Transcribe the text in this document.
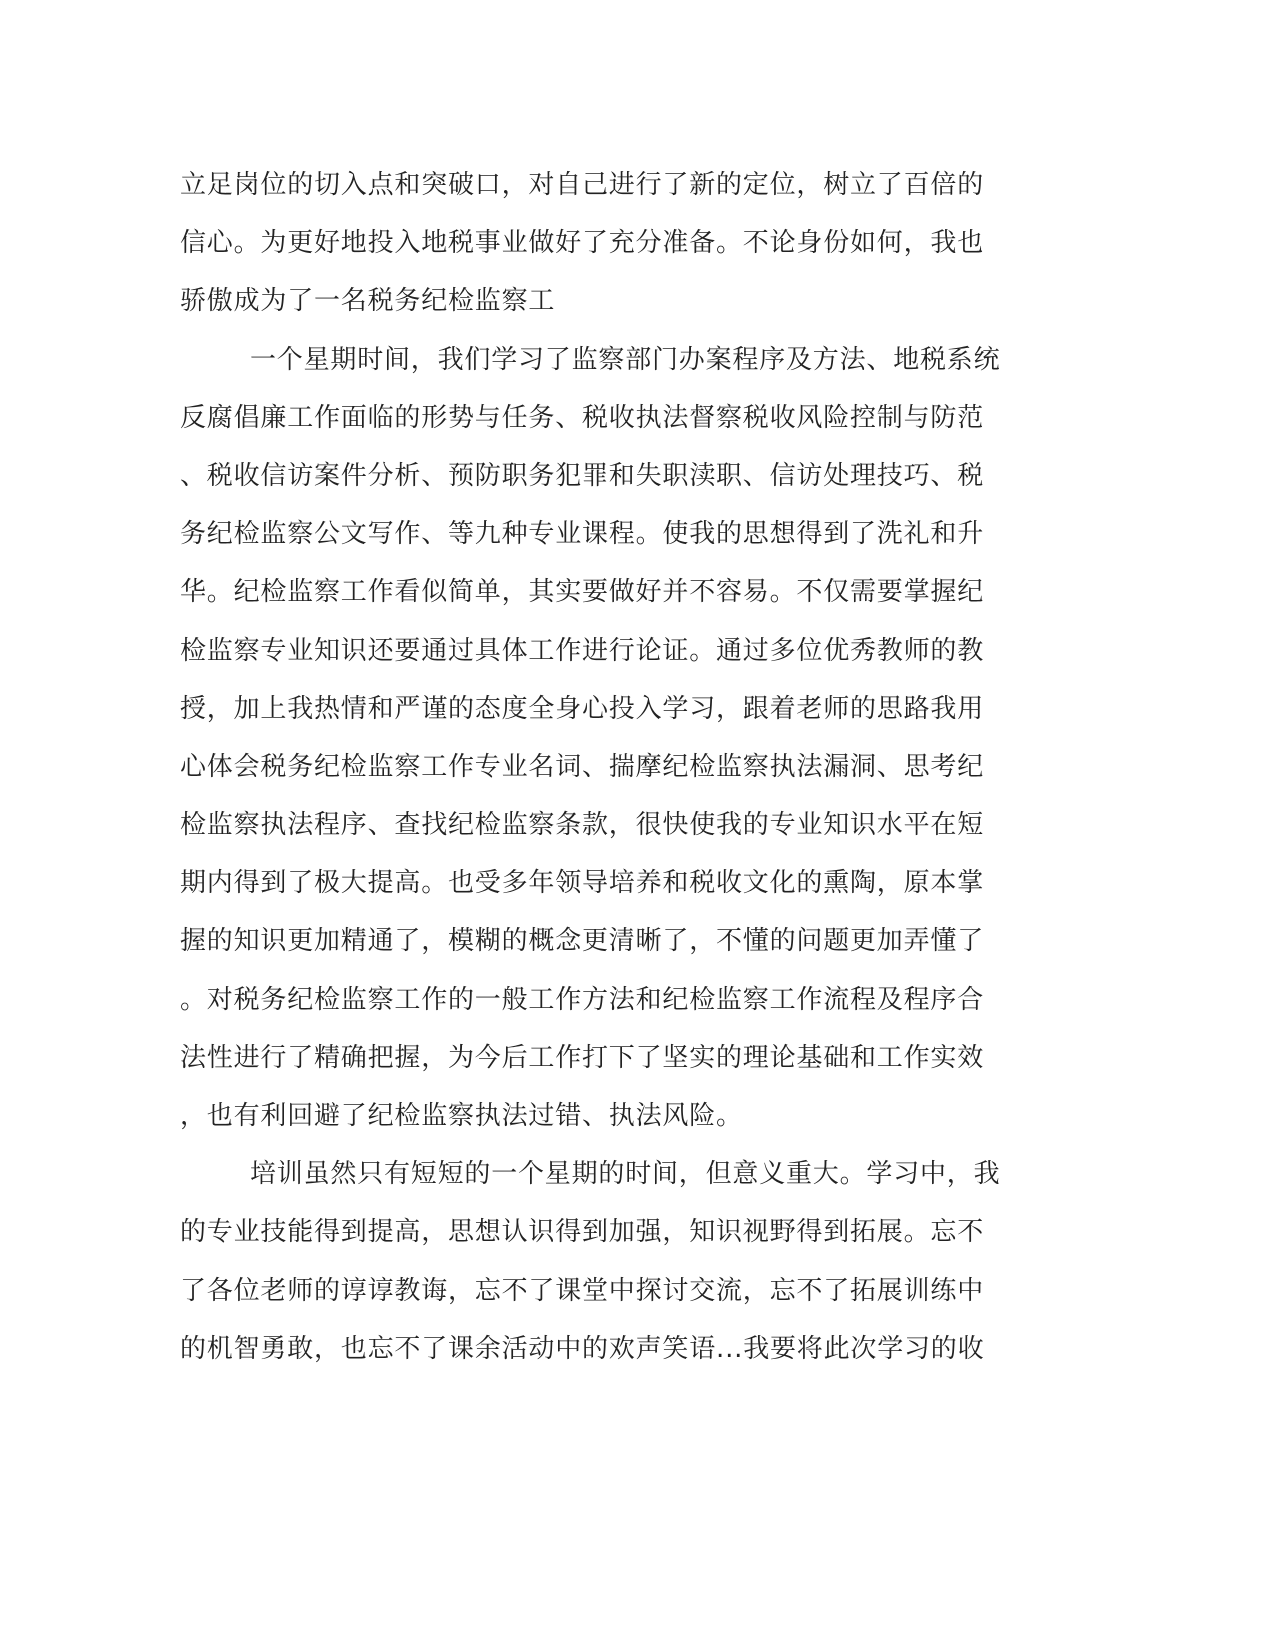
立足岗位的切入点和突破口，对自己进行了新的定位，树立了百倍的
信心。为更好地投入地税事业做好了充分准备。不论身份如何，我也
骄傲成为了一名税务纪检监察工
一个星期时间，我们学习了监察部门办案程序及方法、地税系统
反腐倡廉工作面临的形势与任务、税收执法督察税收风险控制与防范
、税收信访案件分析、预防职务犯罪和失职渎职、信访处理技巧、税
务纪检监察公文写作、等九种专业课程。使我的思想得到了洗礼和升
华。纪检监察工作看似简单，其实要做好并不容易。不仅需要掌握纪
检监察专业知识还要通过具体工作进行论证。通过多位优秀教师的教
授，加上我热情和严谨的态度全身心投入学习，跟着老师的思路我用
心体会税务纪检监察工作专业名词、揣摩纪检监察执法漏洞、思考纪
检监察执法程序、查找纪检监察条款，很快使我的专业知识水平在短
期内得到了极大提高。也受多年领导培养和税收文化的熏陶，原本掌
握的知识更加精通了，模糊的概念更清晰了，不懂的问题更加弄懂了
。对税务纪检监察工作的一般工作方法和纪检监察工作流程及程序合
法性进行了精确把握，为今后工作打下了坚实的理论基础和工作实效
，也有利回避了纪检监察执法过错、执法风险。
培训虽然只有短短的一个星期的时间，但意义重大。学习中，我
的专业技能得到提高，思想认识得到加强，知识视野得到拓展。忘不
了各位老师的谆谆教诲，忘不了课堂中探讨交流，忘不了拓展训练中
的机智勇敢，也忘不了课余活动中的欢声笑语...我要将此次学习的收
